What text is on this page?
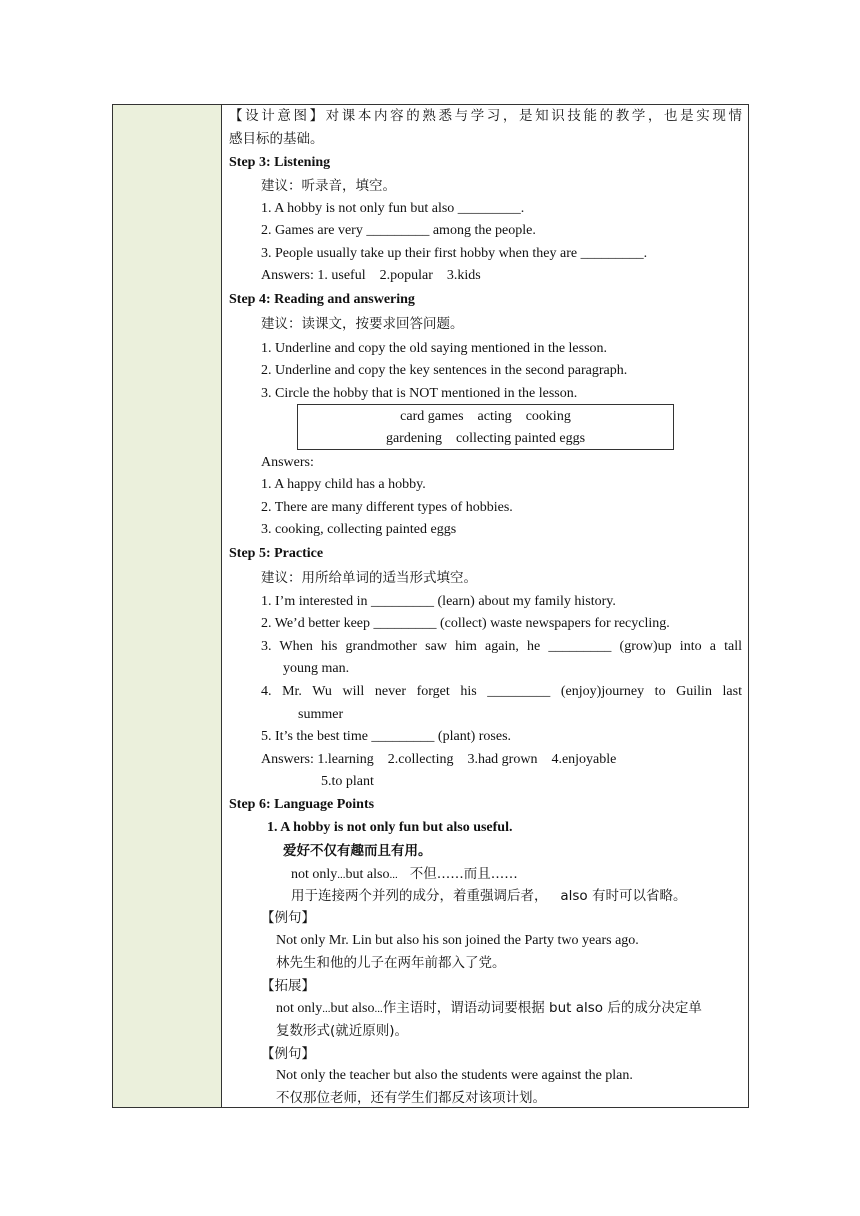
【设计意图】对课本内容的熟悉与学习，是知识技能的教学，也是实现情
感目标的基础。
Step 3: Listening
建议：听录音，填空。
1. A hobby is not only fun but also _________.
2. Games are very _________ among the people.
3. People usually take up their first hobby when they are _________.
Answers: 1. useful    2.popular    3.kids
Step 4: Reading and answering
建议：读课文，按要求回答问题。
1. Underline and copy the old saying mentioned in the lesson.
2. Underline and copy the key sentences in the second paragraph.
3. Circle the hobby that is NOT mentioned in the lesson.
card games    acting    cooking
gardening    collecting painted eggs
Answers:
1. A happy child has a hobby.
2. There are many different types of hobbies.
3. cooking, collecting painted eggs
Step 5: Practice
建议：用所给单词的适当形式填空。
1. I’m interested in _________ (learn) about my family history.
2. We’d better keep _________ (collect) waste newspapers for recycling.
3. When his grandmother saw him again, he _________ (grow)up into a tall
young man.
4. Mr. Wu will never forget his _________ (enjoy)journey to Guilin last
summer
5. It’s the best time _________ (plant) roses.
Answers: 1.learning    2.collecting    3.had grown    4.enjoyable
5.to plant
Step 6: Language Points
1. A hobby is not only fun but also useful.
爱好不仅有趣而且有用。
not only...but also... 不但……而且……
用于连接两个并列的成分，着重强调后者，   also 有时可以省略。
【例句】
Not only Mr. Lin but also his son joined the Party two years ago.
林先生和他的儿子在两年前都入了党。
【拓展】
not only...but also...作主语时，谓语动词要根据 but also 后的成分决定单
复数形式(就近原则)。
【例句】
Not only the teacher but also the students were against the plan.
不仅那位老师，还有学生们都反对该项计划。
